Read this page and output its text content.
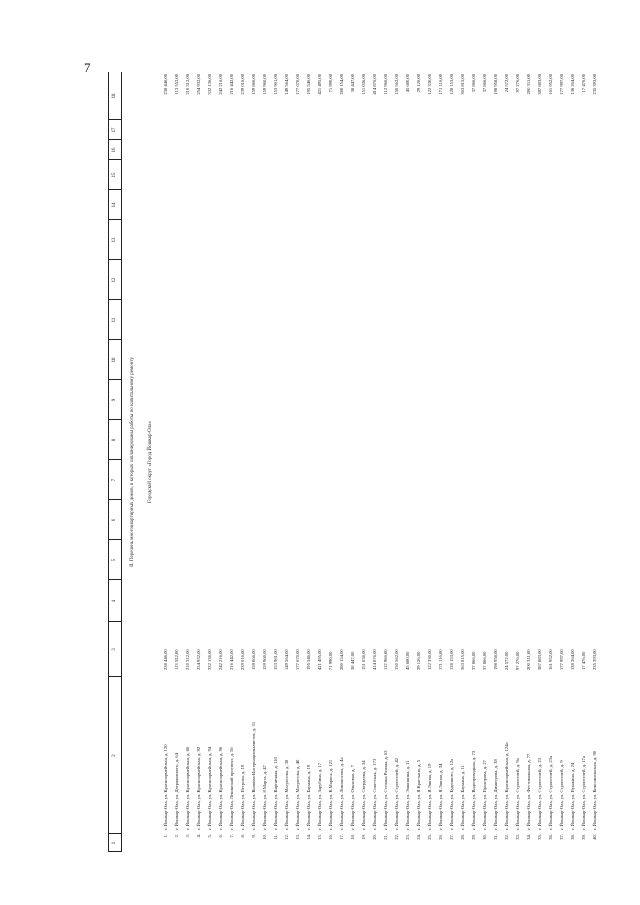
7
1
2
3
4
5
6
7
8
9
10
11
12
13
14
15
16
17
18
II. Перечень многоквартирных домов, в которых запланированы работы по капитальному ремонту	Городской округ «Город Йошкар-Ола»
1.
г. Йошкар-Ола, ул. Красноармейская, д. 120
238 446,00
238 446,00
2.
г. Йошкар-Ола, ул. Дзержинского, д. 64
113 552,00
113 552,00
3.
г. Йошкар-Ола, ул. Красноармейская, д. 86
210 312,00
210 312,00
4.
г. Йошкар-Ола, ул. Красноармейская, д. 92
254 932,00
254 932,00
5.
г. Йошкар-Ола, ул. Красноармейская, д. 94
332 136,00
332 136,00
6.
г. Йошкар-Ола, ул. Красноармейская, д. 96
242 216,00
242 216,00
7.
г. Йошкар-Ола, Ленинский проспект, д. 56
216 442,00
216 442,00
8.
г. Йошкар-Ола, ул. Петрова, д. 19
239 016,00
239 016,00
9.
г. Йошкар-Ола, ул. Волкова-Интернационалистов, д. 31
159 866,00
159 866,00
10.
г. Йошкар-Ола, ул. 8 Марта, д. 47
159 960,00
159 960,00
11.
г. Йошкар-Ола, ул. Кирпичная, д. 110
153 961,00
153 961,00
12.
г. Йошкар-Ола, ул. Матросова, д. 38
149 564,00
149 564,00
13.
г. Йошкар-Ола, ул. Матросова, д. 40
177 670,00
177 670,00
14.
г. Йошкар-Ола, ул. Баумана, д. 19
195 546,00
195 546,00
15.
г. Йошкар-Ола, ул. Зарубина, д. 17
421 495,00
421 495,00
16.
г. Йошкар-Ола, ул. К.Маркса, д. 121
71 990,00
71 990,00
17.
г. Йошкар-Ола, ул. Ломоносова, д. 4а
280 154,00
280 154,00
18.
г. Йошкар-Ола, ул. Ольховая, д. 7
38 447,00
38 447,00
19.
г. Йошкар-Ола, ул. Свердлова, д. 34
151 036,00
151 036,00
20.
г. Йошкар-Ола, ул. Советская, д. 173
414 876,00
414 876,00
21.
г. Йошкар-Ола, ул. Степана Разина, д. 63
112 966,00
112 966,00
22.
г. Йошкар-Ола, ул. Строителей, д. 42
150 562,00
150 562,00
23.
г. Йошкар-Ола, ул. Эшкинина, д. 11
45 680,00
45 680,00
24.
г. Йошкар-Ола, ул. Я.Крастыня, д. 5
29 126,00
29 126,00
25.
г. Йошкар-Ола, ул. Я.Эшпая, д. 19
122 330,00
122 330,00
26.
г. Йошкар-Ола, ул. Я.Эшпая, д. 34
171 116,00
171 116,00
27.
г. Йошкар-Ола, ул. Буденного, д. 12а
128 153,00
128 153,00
28.
г. Йошкар-Ола, ул. Баумана, д. 11
363 815,00
363 815,00
29.
г. Йошкар-Ола, ул. Водопроводная, д. 73
37 866,00
37 866,00
30.
г. Йошкар-Ола, ул. Прохорова, д. 27
37 866,00
37 866,00
31.
г. Йошкар-Ола, ул. Димитрова, д. 38
198 958,00
198 958,00
32.
г. Йошкар-Ола, ул. Красноармейская, д. 124а
24 572,00
24 572,00
33.
г. Йошкар-Ола, ул. Строителей, д. 9а
97 276,00
97 276,00
34.
г. Йошкар-Ола, ул. Фестивальная, д. 77
200 311,00
200 311,00
35.
г. Йошкар-Ола, ул. Строителей, д. 23
387 883,00
387 883,00
36.
г. Йошкар-Ола, ул. Строителей, д. 23а
161 952,00
161 952,00
37.
г. Йошкар-Ола, ул. Строителей, д. 9
177 997,00
177 997,00
38.
г. Йошкар-Ола, ул. Пушкина, д. 24
138 264,00
138 264,00
39.
г. Йошкар-Ола, ул. Строителей, д. 17а
17 476,00
17 476,00
40.
г. Йошкар-Ола, ул. Комсомольская, д. 90
235 393,00
235 393,00
